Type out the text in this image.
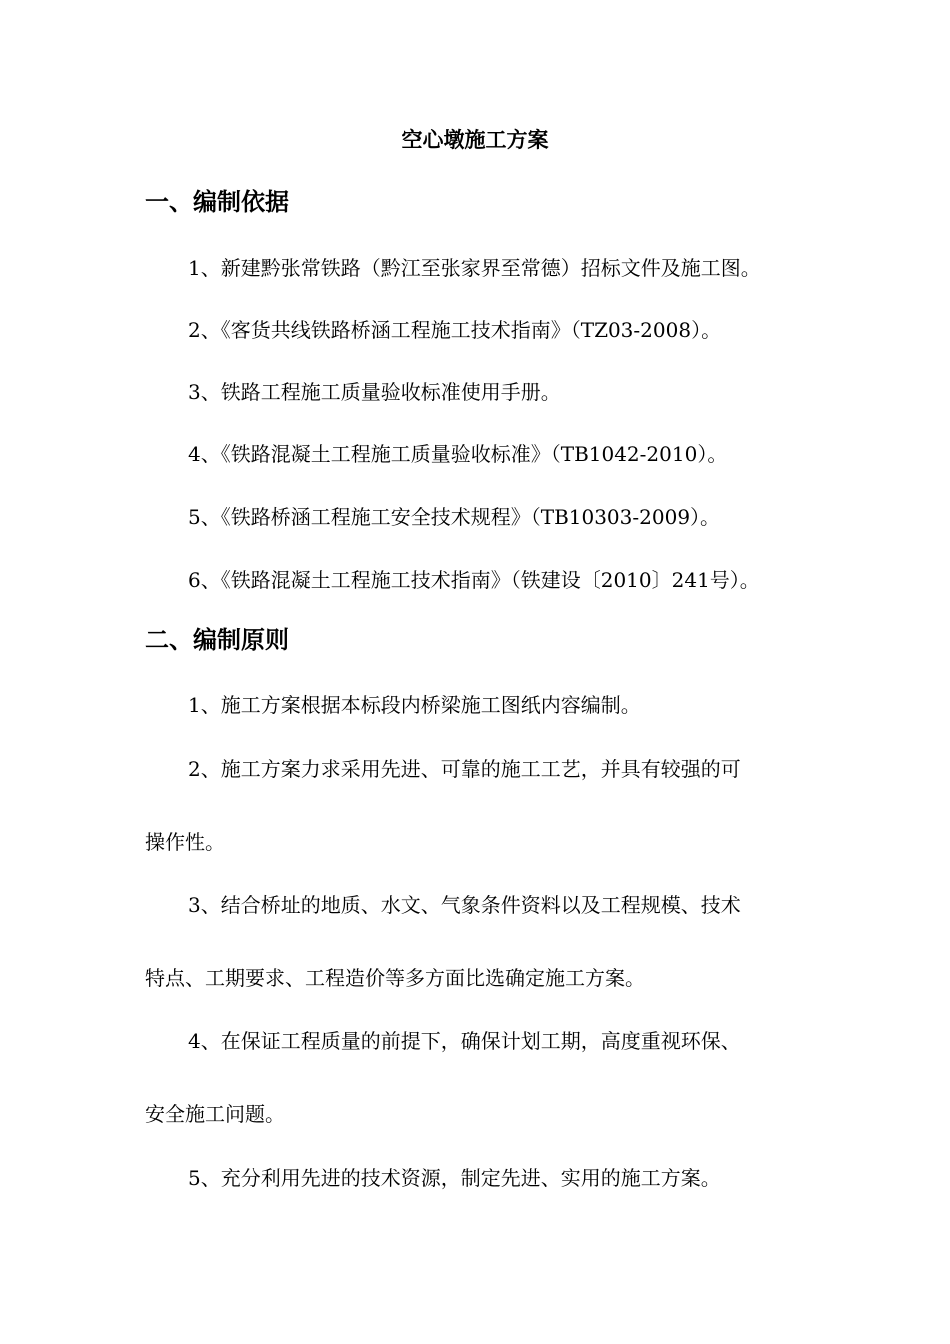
空心墩施工方案
一、编制依据
1、新建黔张常铁路（黔江至张家界至常德）招标文件及施工图。
2、《客货共线铁路桥涵工程施工技术指南》（TZ03-2008）。
3、铁路工程施工质量验收标准使用手册。
4、《铁路混凝土工程施工质量验收标准》（TB1042-2010）。
5、《铁路桥涵工程施工安全技术规程》（TB10303-2009）。
6、《铁路混凝土工程施工技术指南》（铁建设〔2010〕241号）。
二、编制原则
1、施工方案根据本标段内桥梁施工图纸内容编制。
2、施工方案力求采用先进、可靠的施工工艺，并具有较强的可
操作性。
3、结合桥址的地质、水文、气象条件资料以及工程规模、技术
特点、工期要求、工程造价等多方面比选确定施工方案。
4、在保证工程质量的前提下，确保计划工期，高度重视环保、
安全施工问题。
5、充分利用先进的技术资源，制定先进、实用的施工方案。
